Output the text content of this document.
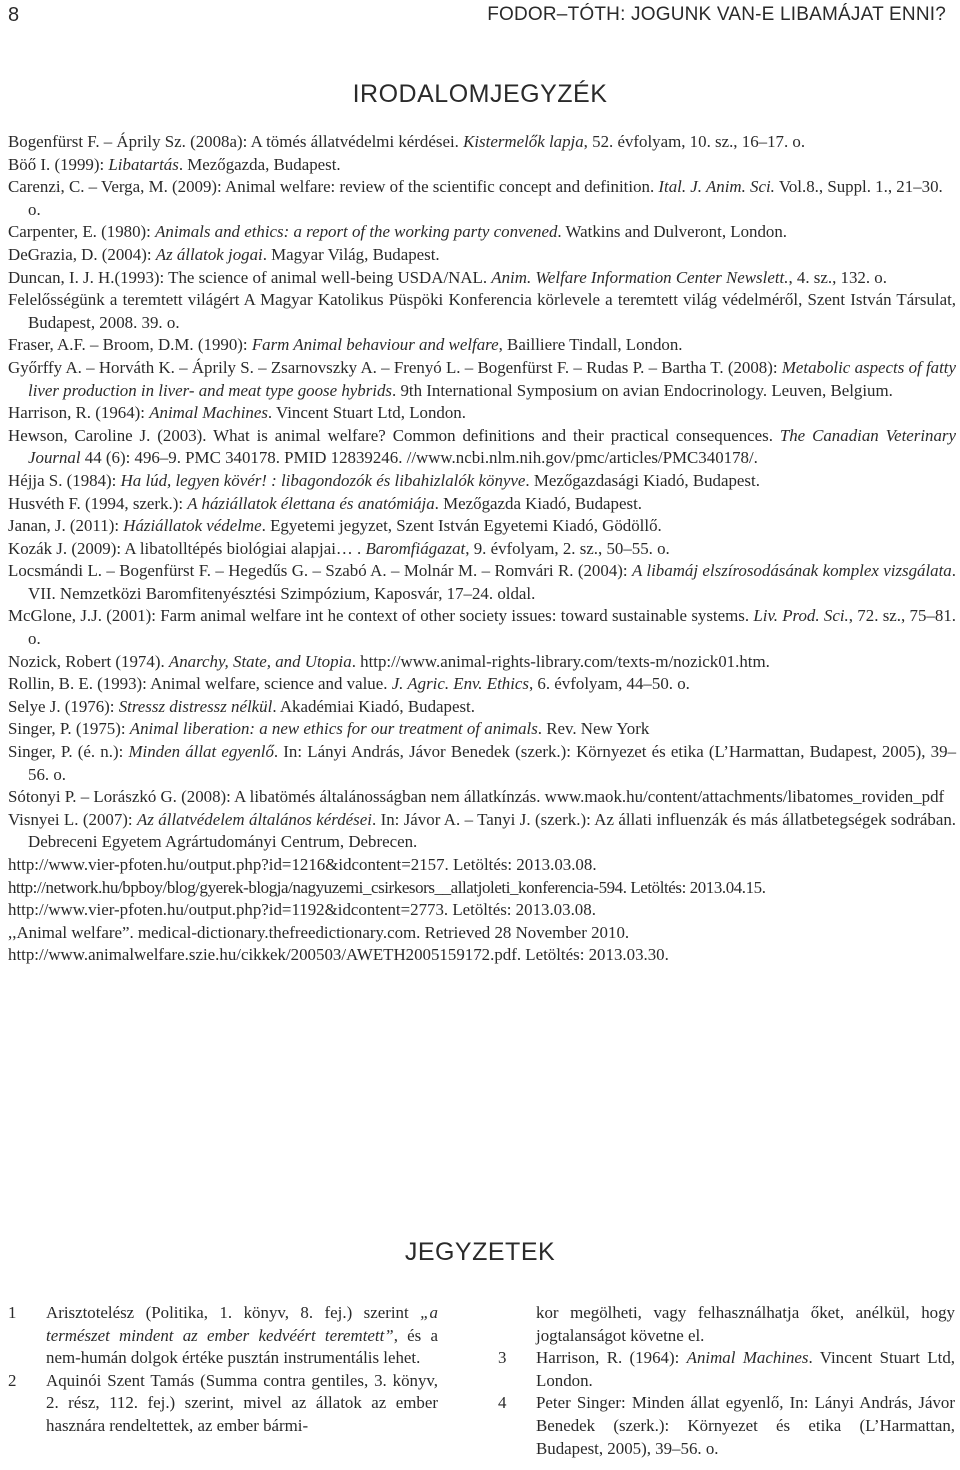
8	FODOR–TÓTH: JOGUNK VAN-E LIBAMÁJAT ENNI?
IRODALOMJEGYZÉK

Bogenfürst F. – Áprily Sz. (2008a): A tömés állatvédelmi kérdései. Kistermelők lapja, 52. évfolyam, 10. sz., 16–17. o.

Böő I. (1999): Libatartás. Mezőgazda, Budapest.

Carenzi, C. – Verga, M. (2009): Animal welfare: review of the scientific concept and definition. Ital. J. Anim. Sci. Vol.8., Suppl. 1., 21–30. o.

Carpenter, E. (1980): Animals and ethics: a report of the working party convened. Watkins and Dulveront, London.

DeGrazia, D. (2004): Az állatok jogai. Magyar Világ, Budapest.

Duncan, I. J. H.(1993): The science of animal well-being USDA/NAL. Anim. Welfare Information Center Newslett., 4. sz., 132. o.

Felelősségünk a teremtett világért A Magyar Katolikus Püspöki Konferencia körlevele a teremtett világ védelméről, Szent István Társulat, Budapest, 2008. 39. o.

Fraser, A.F. – Broom, D.M. (1990): Farm Animal behaviour and welfare, Bailliere Tindall, London.

Győrffy A. – Horváth K. – Áprily S. – Zsarnovszky A. – Frenyó L. – Bogenfürst F. – Rudas P. – Bartha T. (2008): Metabolic aspects of fatty liver production in liver- and meat type goose hybrids. 9th International Symposium on avian Endocrinology. Leuven, Belgium.

Harrison, R. (1964): Animal Machines. Vincent Stuart Ltd, London.

Hewson, Caroline J. (2003). What is animal welfare? Common definitions and their practical consequences. The Canadian Veterinary Journal 44 (6): 496–9. PMC 340178. PMID 12839246. //www.ncbi.nlm.nih.gov/pmc/articles/PMC340178/.

Héjja S. (1984): Ha lúd, legyen kövér! : libagondozók és libahizlalók könyve. Mezőgazdasági Kiadó, Budapest.

Husvéth F. (1994, szerk.): A háziállatok élettana és anatómiája. Mezőgazda Kiadó, Budapest.

Janan, J. (2011): Háziállatok védelme. Egyetemi jegyzet, Szent István Egyetemi Kiadó, Gödöllő.

Kozák J. (2009): A libatolltépés biológiai alapjai… . Baromfiágazat, 9. évfolyam, 2. sz., 50–55. o.

Locsmándi L. – Bogenfürst F. – Hegedűs G. – Szabó A. – Molnár M. – Romvári R. (2004): A libamáj elszírosodásának komplex vizsgálata. VII. Nemzetközi Baromfitenyésztési Szimpózium, Kaposvár, 17–24. oldal.

McGlone, J.J. (2001): Farm animal welfare int he context of other society issues: toward sustainable systems. Liv. Prod. Sci., 72. sz., 75–81. o.

Nozick, Robert (1974). Anarchy, State, and Utopia. http://www.animal-rights-library.com/texts-m/nozick01.htm.

Rollin, B. E. (1993): Animal welfare, science and value. J. Agric. Env. Ethics, 6. évfolyam, 44–50. o.

Selye J. (1976): Stressz distressz nélkül. Akadémiai Kiadó, Budapest.

Singer, P. (1975): Animal liberation: a new ethics for our treatment of animals. Rev. New York

Singer, P. (é. n.): Minden állat egyenlő. In: Lányi András, Jávor Benedek (szerk.): Környezet és etika (L’Harmattan, Budapest, 2005), 39–56. o.

Sótonyi P. – Lorászkó G. (2008): A libatömés általánosságban nem állatkínzás. www.maok.hu/content/attachments/libatomes_roviden_pdf

Visnyei L. (2007): Az állatvédelem általános kérdései. In: Jávor A. – Tanyi J. (szerk.): Az állati influenzák és más állatbetegségek sodrában. Debreceni Egyetem Agrártudományi Centrum, Debrecen.

http://www.vier-pfoten.hu/output.php?id=1216&idcontent=2157. Letöltés: 2013.03.08.

http://network.hu/bpboy/blog/gyerek-blogja/nagyuzemi_csirkesors__allatjoleti_konferencia-594. Letöltés: 2013.04.15.

http://www.vier-pfoten.hu/output.php?id=1192&idcontent=2773. Letöltés: 2013.03.08.

,,Animal welfare”. medical-dictionary.thefreedictionary.com. Retrieved 28 November 2010.

http://www.animalwelfare.szie.hu/cikkek/200503/AWETH2005159172.pdf. Letöltés: 2013.03.30.

JEGYZETEK

1 Arisztotelész (Politika, 1. könyv, 8. fej.) szerint „a természet mindent az ember kedvéért teremtett”, és a nem-humán dolgok értéke pusztán instrumentális lehet.

2 Aquinói Szent Tamás (Summa contra gentiles, 3. könyv, 2. rész, 112. fej.) szerint, mivel az állatok az ember hasznára rendeltettek, az ember bármi-

kor megölheti, vagy felhasználhatja őket, anélkül, hogy jogtalanságot követne el.

3 Harrison, R. (1964): Animal Machines. Vincent Stuart Ltd, London.

4 Peter Singer: Minden állat egyenlő, In: Lányi András, Jávor Benedek (szerk.): Környezet és etika (L’Harmattan, Budapest, 2005), 39–56. o.
